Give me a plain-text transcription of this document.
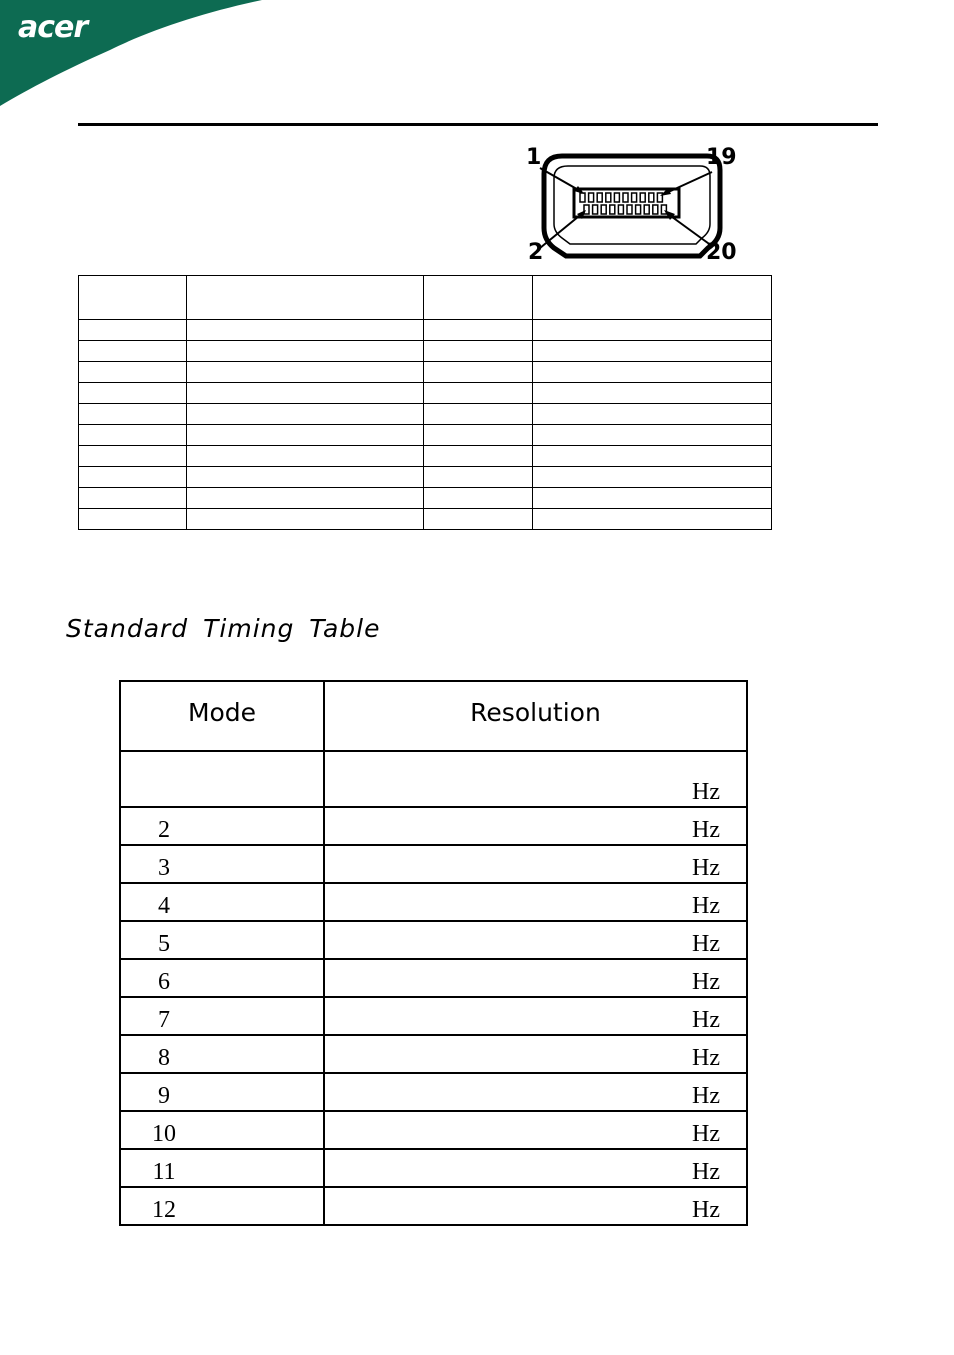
acer
1	19
2	20

Standard Timing Table
Mode	Resolution

	Hz

2	Hz

3	Hz

4	Hz

5	Hz

6	Hz

7	Hz

8	Hz

9	Hz

10	Hz

11	Hz

12	Hz
